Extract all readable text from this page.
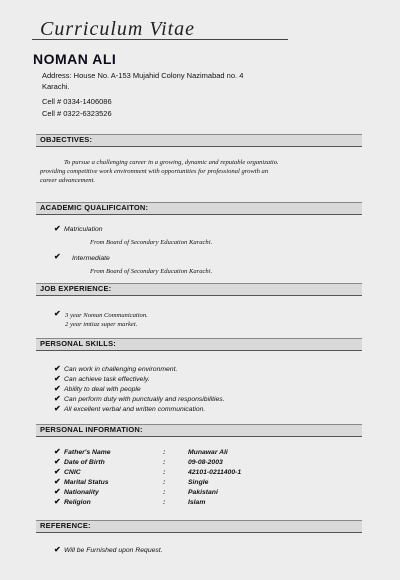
Curriculum Vitae
NOMAN ALI
Address: House No. A-153 Mujahid Colony Nazimabad no. 4
Karachi.
Cell # 0334-1406086
Cell # 0322-6323526
OBJECTIVES:
To pursue a challenging career in a growing, dynamic and reputable organizatio.
providing competitive work environment with opportunities for professional growth an
career advancement.
ACADEMIC QUALIFICAITON:
✔ Matriculation
From Board of Secondary Education Karachi.
✔ Intermediate
From Board of Secondary Education Karachi.
JOB EXPERIENCE:
✔ 3 year Noman Communication.
2 year imtiaz super market.
PERSONAL SKILLS:
✔ Can work in challenging environment.
✔ Can achieve task effectively.
✔ Ability to deal with people
✔ Can perform duty with punctually and responsibilities.
✔ All excellent verbal and written communication.
PERSONAL INFORMATION:
✔ Father's Name	:	Munawar Ali
✔ Date of Birth	:	09-08-2003
✔ CNIC	:	42101-0211400-1
✔ Marital Status	:	Single
✔ Nationality	:	Pakistani
✔ Religion	:	Islam
REFERENCE:
✔ Will be Furnished upon Request.
